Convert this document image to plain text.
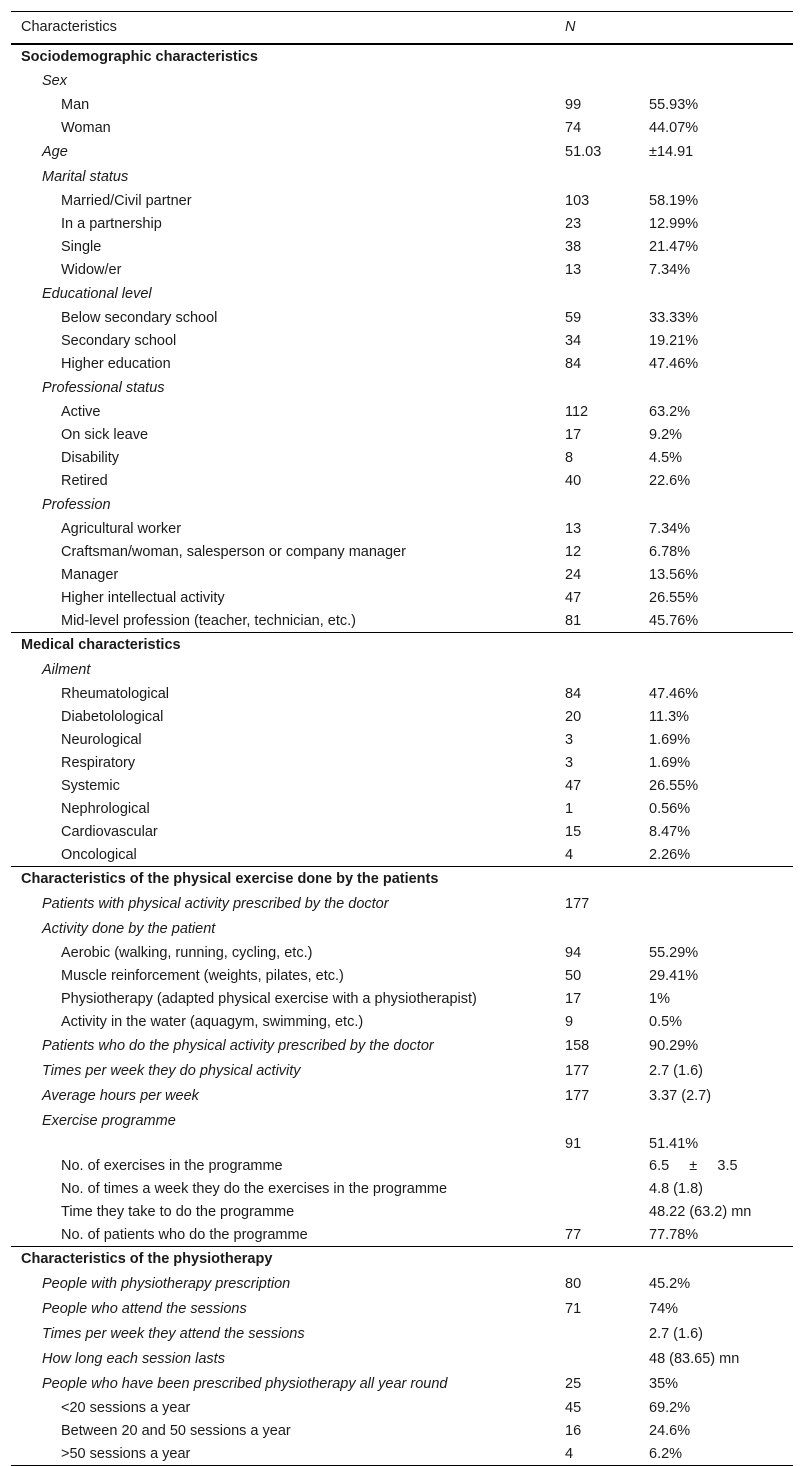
Characteristics	N	
Sociodemographic characteristics		
Sex		
Man	99	55.93%
Woman	74	44.07%
Age	51.03	±14.91
Marital status		
Married/Civil partner	103	58.19%
In a partnership	23	12.99%
Single	38	21.47%
Widow/er	13	7.34%
Educational level		
Below secondary school	59	33.33%
Secondary school	34	19.21%
Higher education	84	47.46%
Professional status		
Active	112	63.2%
On sick leave	17	9.2%
Disability	8	4.5%
Retired	40	22.6%
Profession		
Agricultural worker	13	7.34%
Craftsman/woman, salesperson or company manager	12	6.78%
Manager	24	13.56%
Higher intellectual activity	47	26.55%
Mid-level profession (teacher, technician, etc.)	81	45.76%
Medical characteristics		
Ailment		
Rheumatological	84	47.46%
Diabetolological	20	11.3%
Neurological	3	1.69%
Respiratory	3	1.69%
Systemic	47	26.55%
Nephrological	1	0.56%
Cardiovascular	15	8.47%
Oncological	4	2.26%
Characteristics of the physical exercise done by the patients		
Patients with physical activity prescribed by the doctor	177	
Activity done by the patient		
Aerobic (walking, running, cycling, etc.)	94	55.29%
Muscle reinforcement (weights, pilates, etc.)	50	29.41%
Physiotherapy (adapted physical exercise with a physiotherapist)	17	1%
Activity in the water (aquagym, swimming, etc.)	9	0.5%
Patients who do the physical activity prescribed by the doctor	158	90.29%
Times per week they do physical activity	177	2.7 (1.6)
Average hours per week	177	3.37 (2.7)
Exercise programme		
	91	51.41%
No. of exercises in the programme		6.5     ±     3.5
No. of times a week they do the exercises in the programme		4.8 (1.8)
Time they take to do the programme		48.22 (63.2) mn
No. of patients who do the programme	77	77.78%
Characteristics of the physiotherapy		
People with physiotherapy prescription	80	45.2%
People who attend the sessions	71	74%
Times per week they attend the sessions		2.7 (1.6)
How long each session lasts		48 (83.65) mn
People who have been prescribed physiotherapy all year round	25	35%
<20 sessions a year	45	69.2%
Between 20 and 50 sessions a year	16	24.6%
>50 sessions a year	4	6.2%
